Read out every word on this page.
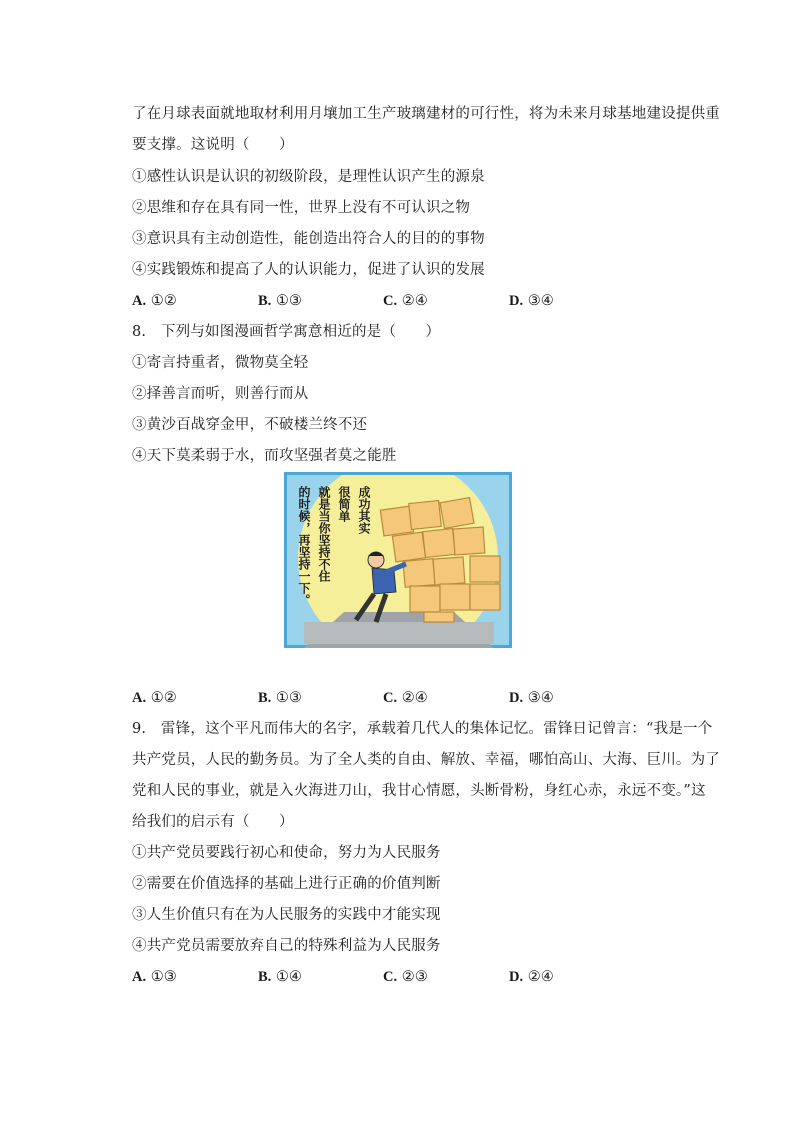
了在月球表面就地取材利用月壤加工生产玻璃建材的可行性，将为未来月球基地建设提供重
要支撑。这说明（　　）
①感性认识是认识的初级阶段，是理性认识产生的源泉
②思维和存在具有同一性，世界上没有不可认识之物
③意识具有主动创造性，能创造出符合人的目的的事物
④实践锻炼和提高了人的认识能力，促进了认识的发展
A. ①②	B. ①③	C. ②④	D. ③④
8.　下列与如图漫画哲学寓意相近的是（　　）
①寄言持重者，微物莫全轻
②择善言而听，则善行而从
③黄沙百战穿金甲，不破楼兰终不还
④天下莫柔弱于水，而攻坚强者莫之能胜
成功其实
很简单
就是当你坚持不住
的时候，再坚持一下。
A. ①②	B. ①③	C. ②④	D. ③④
9.　雷锋，这个平凡而伟大的名字，承载着几代人的集体记忆。雷锋日记曾言：“我是一个
共产党员，人民的勤务员。为了全人类的自由、解放、幸福，哪怕高山、大海、巨川。为了
党和人民的事业，就是入火海进刀山，我甘心情愿，头断骨粉，身红心赤，永远不变。”这
给我们的启示有（　　）
①共产党员要践行初心和使命，努力为人民服务
②需要在价值选择的基础上进行正确的价值判断
③人生价值只有在为人民服务的实践中才能实现
④共产党员需要放弃自己的特殊利益为人民服务
A. ①③	B. ①④	C. ②③	D. ②④
